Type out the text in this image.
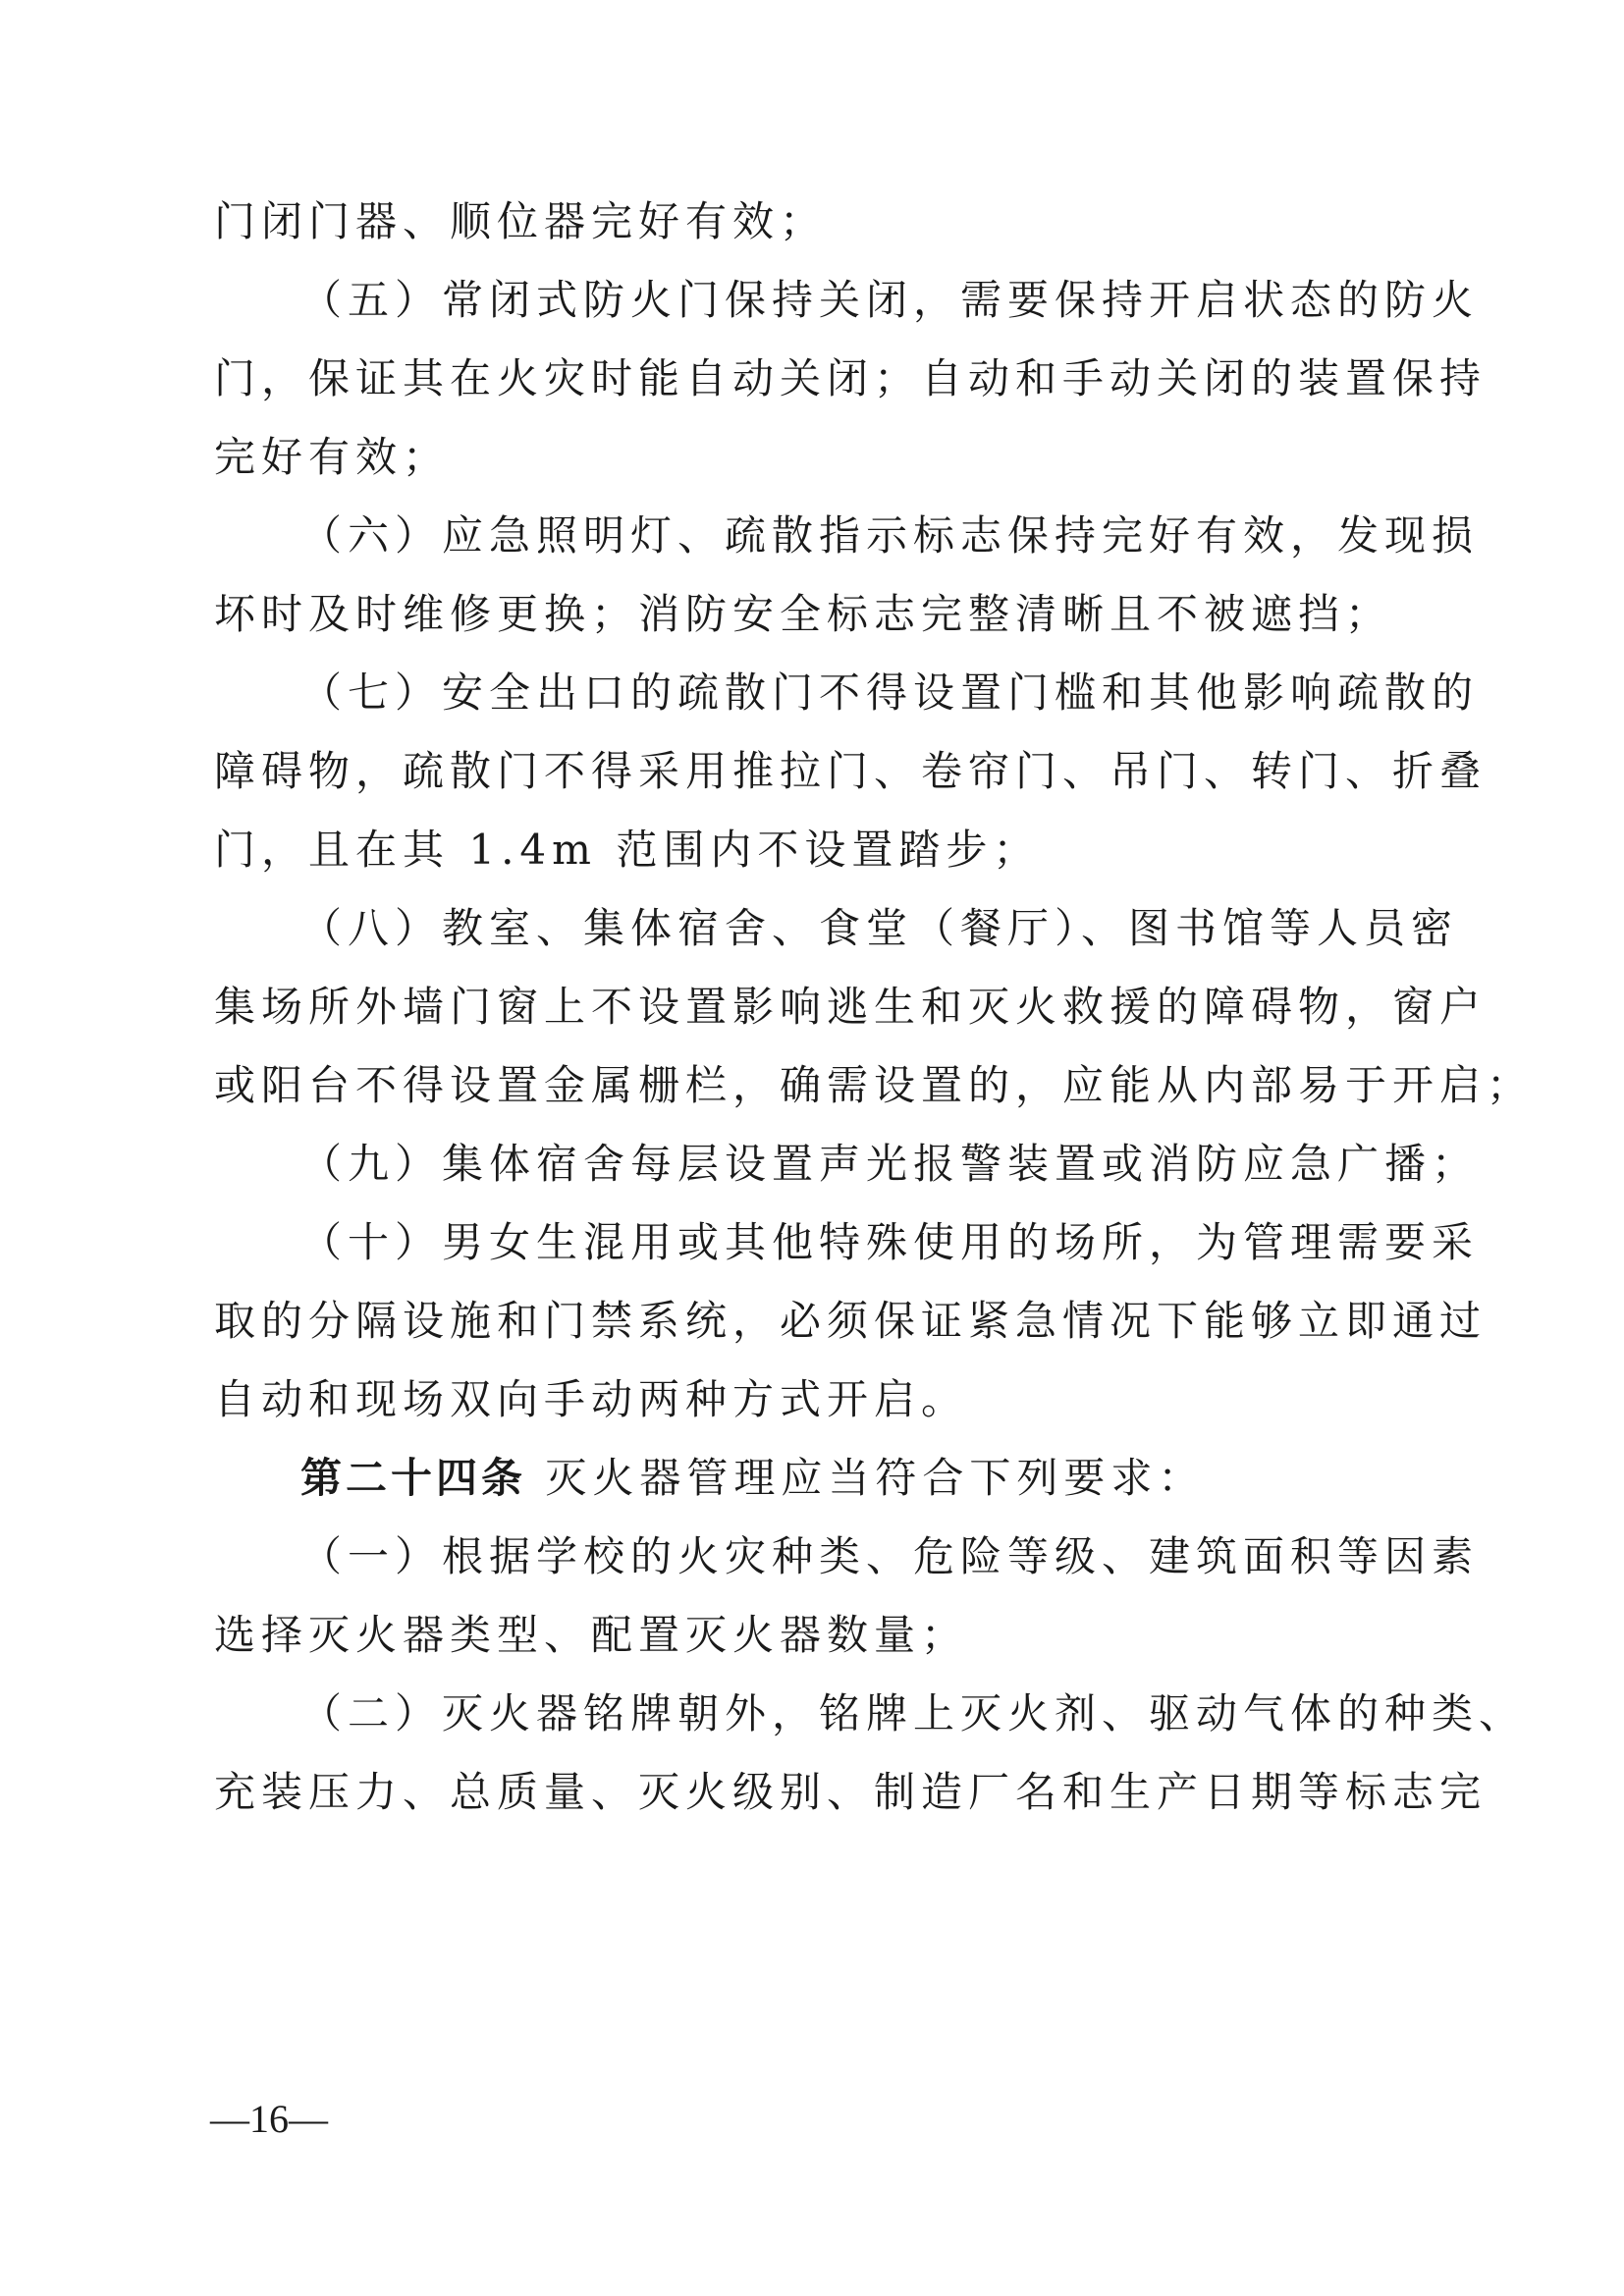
门闭门器、顺位器完好有效；
（五）常闭式防火门保持关闭，需要保持开启状态的防火
门，保证其在火灾时能自动关闭；自动和手动关闭的装置保持
完好有效；
（六）应急照明灯、疏散指示标志保持完好有效，发现损
坏时及时维修更换；消防安全标志完整清晰且不被遮挡；
（七）安全出口的疏散门不得设置门槛和其他影响疏散的
障碍物，疏散门不得采用推拉门、卷帘门、吊门、转门、折叠
门，且在其 1.4m 范围内不设置踏步；
（八）教室、集体宿舍、食堂（餐厅）、图书馆等人员密
集场所外墙门窗上不设置影响逃生和灭火救援的障碍物，窗户
或阳台不得设置金属栅栏，确需设置的，应能从内部易于开启；
（九）集体宿舍每层设置声光报警装置或消防应急广播；
（十）男女生混用或其他特殊使用的场所，为管理需要采
取的分隔设施和门禁系统，必须保证紧急情况下能够立即通过
自动和现场双向手动两种方式开启。
第二十四条 灭火器管理应当符合下列要求：
（一）根据学校的火灾种类、危险等级、建筑面积等因素
选择灭火器类型、配置灭火器数量；
（二）灭火器铭牌朝外，铭牌上灭火剂、驱动气体的种类、
充装压力、总质量、灭火级别、制造厂名和生产日期等标志完
—16—
